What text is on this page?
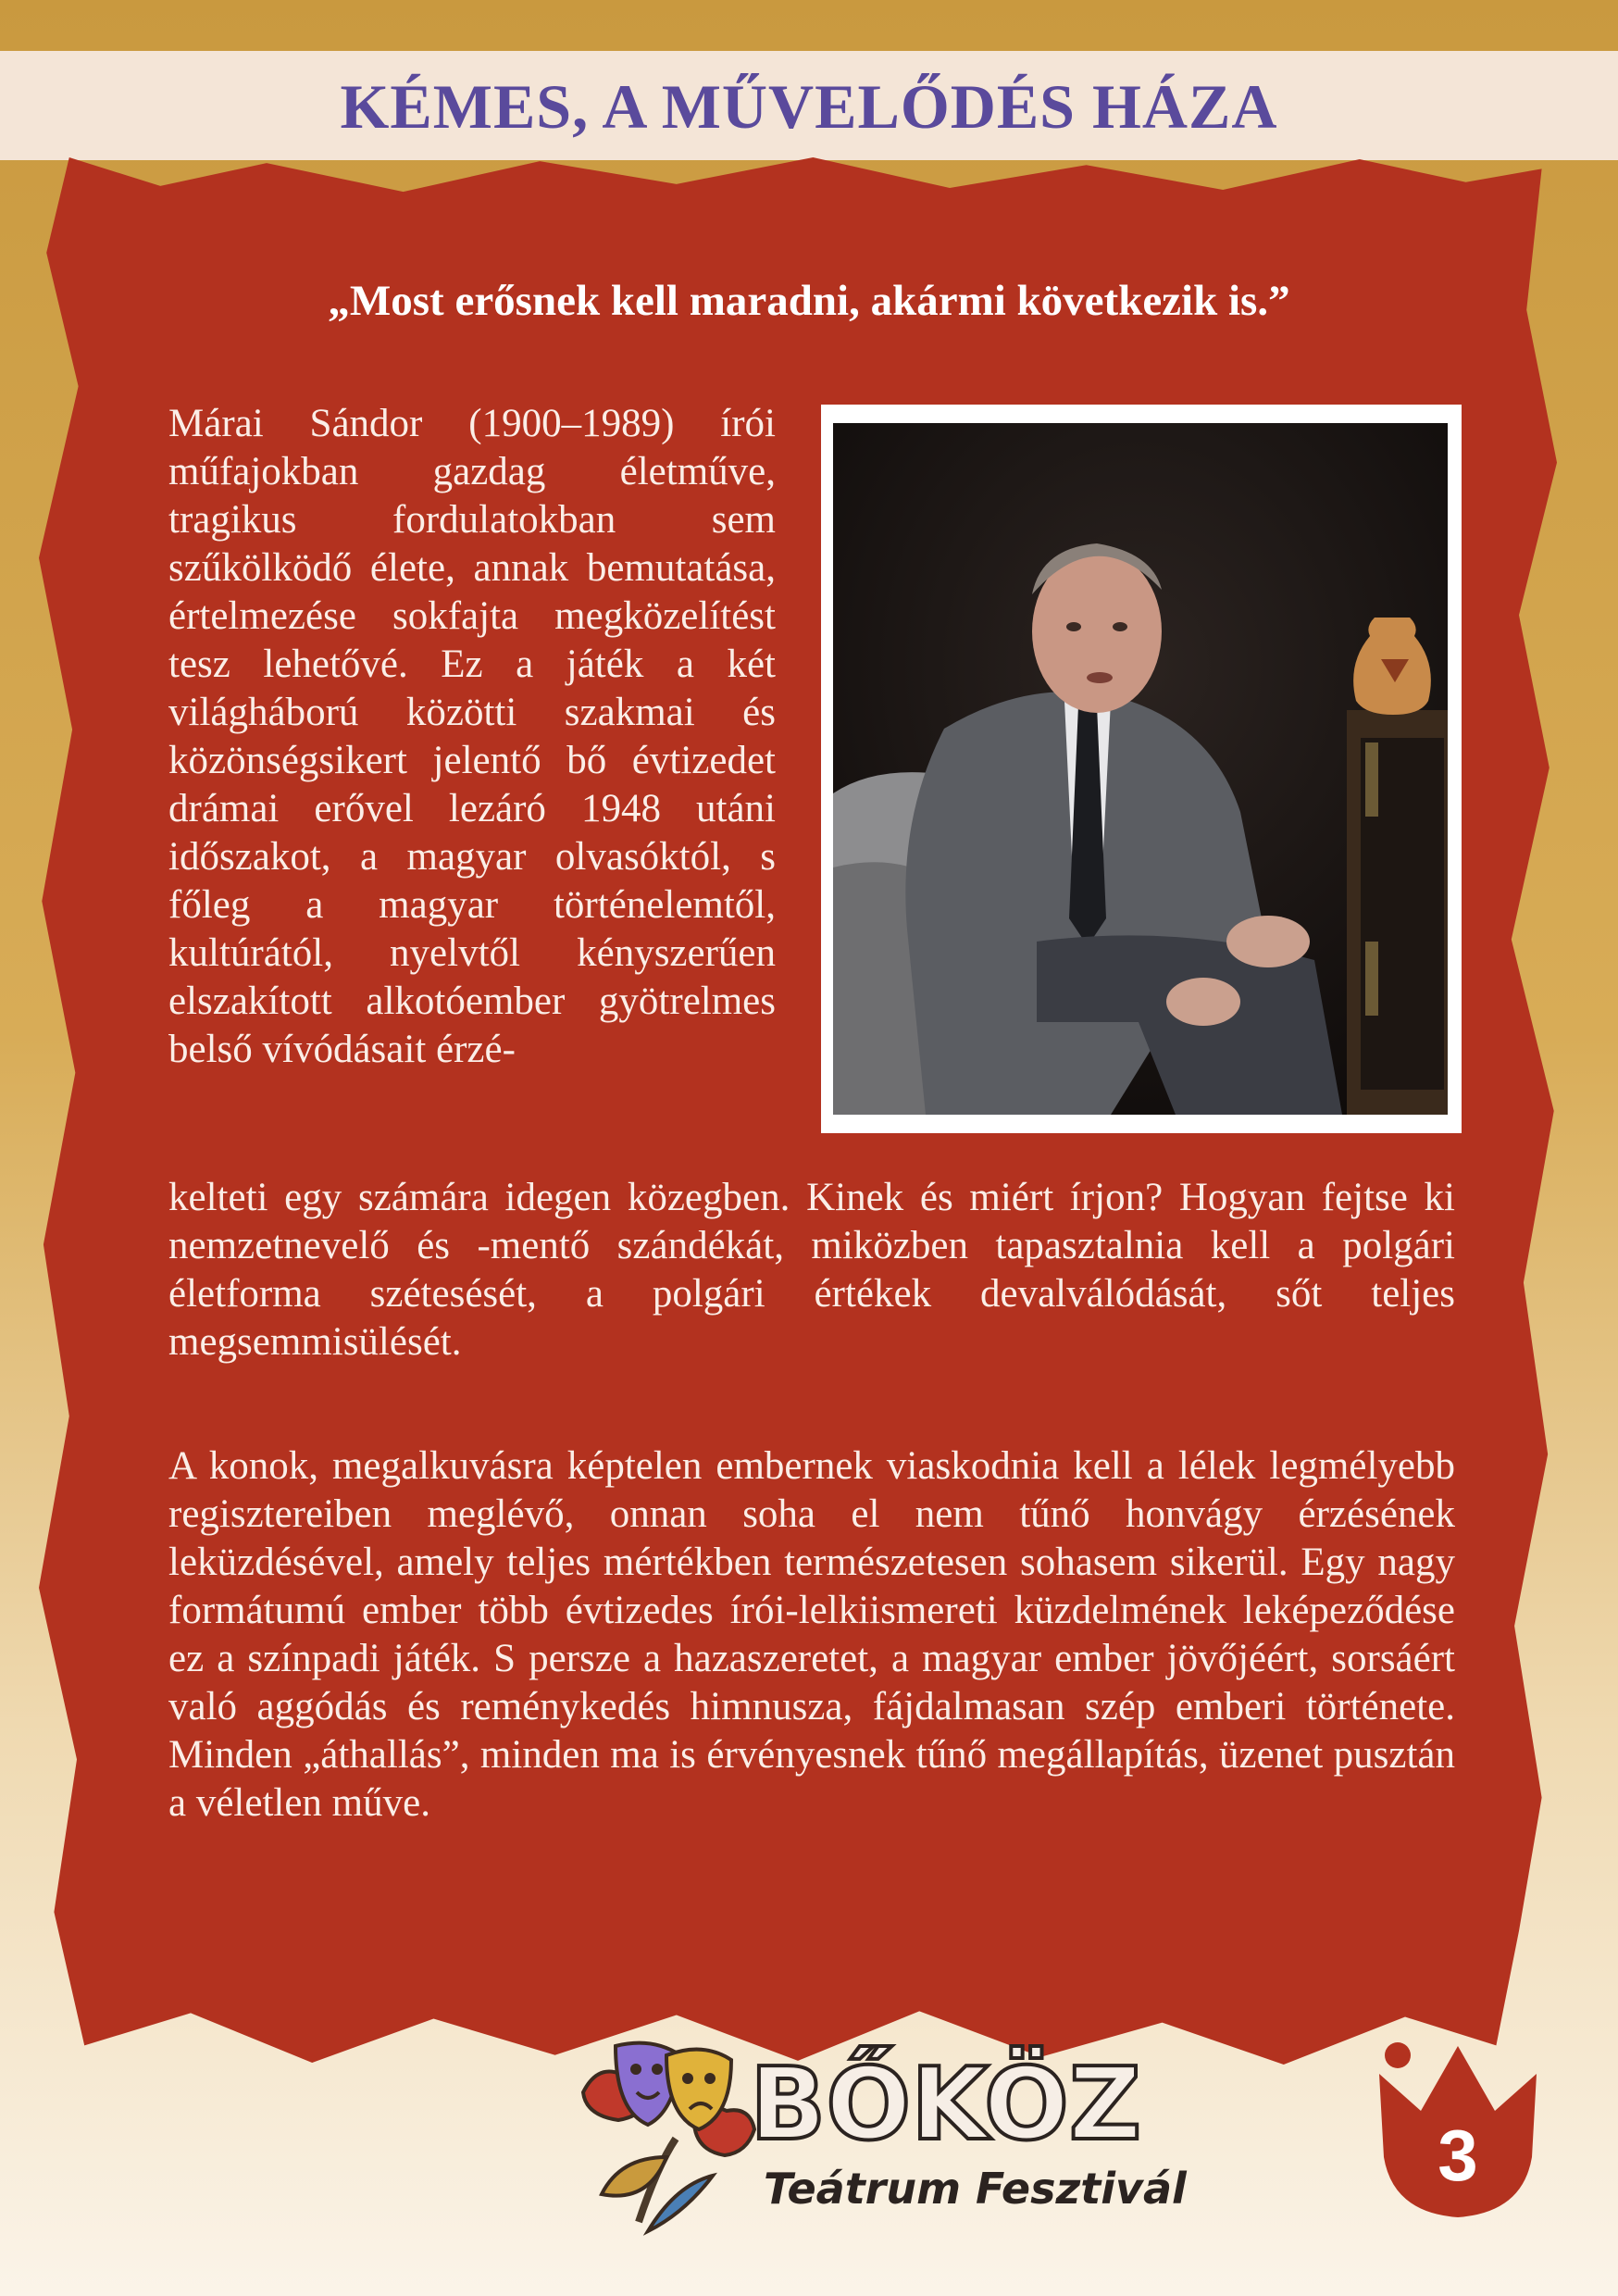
KÉMES, A MŰVELŐDÉS HÁZA
„Most erősnek kell maradni, akármi következik is.”

Márai Sándor (1900–1989) írói műfajokban gazdag életműve, tragikus fordulatokban sem szűkölködő élete, annak bemutatása, értelmezése sokfajta megközelítést tesz lehetővé. Ez a játék a két világháború közötti szakmai és közönségsikert jelentő bő évtizedet drámai erővel lezáró 1948 utáni időszakot, a magyar olvasóktól, s főleg a magyar történelemtől, kultúrától, nyelvtől kényszerűen elszakított alkotóember gyötrelmes belső vívódásait érzé-

kelteti egy számára idegen közegben. Kinek és miért írjon? Hogyan fejtse ki nemzetnevelő és -mentő szándékát, miközben tapasztalnia kell a polgári életforma szétesését, a polgári értékek devalválódását, sőt teljes megsemmisülését.

A konok, megalkuvásra képtelen embernek viaskodnia kell a lélek legmélyebb regisztereiben meglévő, onnan soha el nem tűnő honvágy érzésének leküzdésével, amely teljes mértékben természetesen sohasem sikerül. Egy nagy formátumú ember több évtizedes írói-lelkiismereti küzdelmének leképeződése ez a színpadi játék. S persze a hazaszeretet, a magyar ember jövőjéért, sorsáért való aggódás és reménykedés himnusza, fájdalmasan szép emberi története. Minden „áthallás”, minden ma is érvényesnek tűnő megállapítás, üzenet pusztán a véletlen műve.

BŐKÖZ
Teátrum Fesztivál	3
